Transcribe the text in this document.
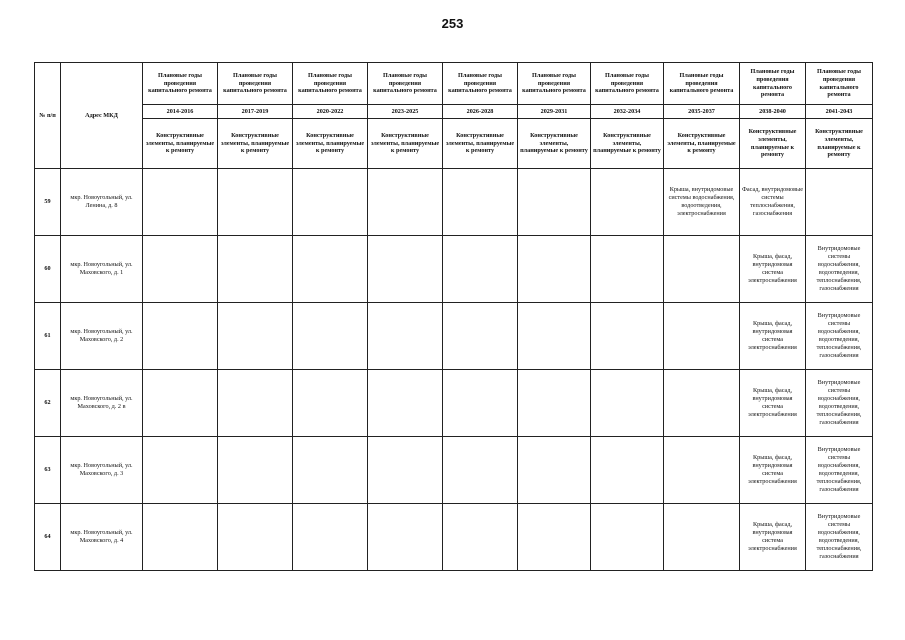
253
№ п/п	Адрес МКД	Плановые годы проведения капитального ремонта	Плановые годы проведения капитального ремонта	Плановые годы проведения капитального ремонта	Плановые годы проведения капитального ремонта	Плановые годы проведения капитального ремонта	Плановые годы проведения капитального ремонта	Плановые годы проведения капитального ремонта	Плановые годы проведения капитального ремонта	Плановые годы проведения капитального ремонта	Плановые годы проведения капитального ремонта
		2014-2016	2017-2019	2020-2022	2023-2025	2026-2028	2029-2031	2032-2034	2035-2037	2038-2040	2041-2043
		Конструктивные элементы, планируемые к ремонту	Конструктивные элементы, планируемые к ремонту	Конструктивные элементы, планируемые к ремонту	Конструктивные элементы, планируемые к ремонту	Конструктивные элементы, планируемые к ремонту	Конструктивные элементы, планируемые к ремонту	Конструктивные элементы, планируемые к ремонту	Конструктивные элементы, планируемые к ремонту	Конструктивные элементы, планируемые к ремонту	Конструктивные элементы, планируемые к ремонту
59	мкр. Новоугольный, ул. Ленина, д. 8								Крыша, внутридомовые системы водоснабжения, водоотведения, электроснабжения	Фасад, внутридомовые системы теплоснабжения, газоснабжения	
60	мкр. Новоугольный, ул. Маховского, д. 1									Крыша, фасад, внутридомовая система электроснабжения	Внутридомовые системы водоснабжения, водоотведения, теплоснабжения, газоснабжения
61	мкр. Новоугольный, ул. Маховского, д. 2									Крыша, фасад, внутридомовая система электроснабжения	Внутридомовые системы водоснабжения, водоотведения, теплоснабжения, газоснабжения
62	мкр. Новоугольный, ул. Маховского, д. 2 в									Крыша, фасад, внутридомовая система электроснабжения	Внутридомовые системы водоснабжения, водоотведения, теплоснабжения, газоснабжения
63	мкр. Новоугольный, ул. Маховского, д. 3									Крыша, фасад, внутридомовая система электроснабжения	Внутридомовые системы водоснабжения, водоотведения, теплоснабжения, газоснабжения
64	мкр. Новоугольный, ул. Маховского, д. 4									Крыша, фасад, внутридомовая система электроснабжения	Внутридомовые системы водоснабжения, водоотведения, теплоснабжения, газоснабжения
